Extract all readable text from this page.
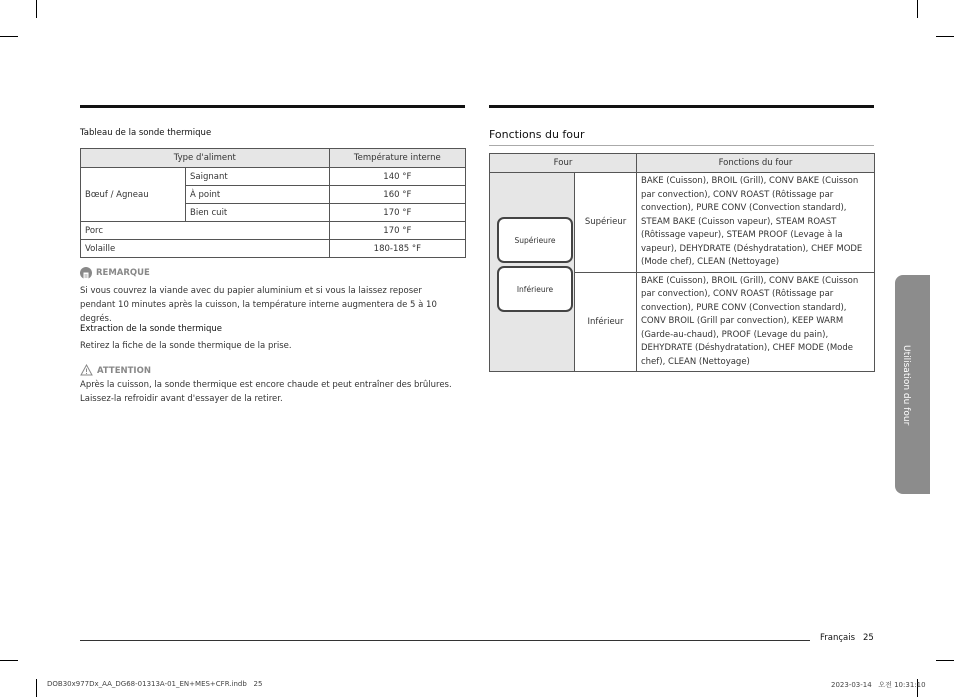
Tableau de la sonde thermique
Type d'aliment		Température interne
Bœuf / Agneau	Saignant	140 °F
	À point	160 °F
	Bien cuit	170 °F
Porc		170 °F
Volaille		180-185 °F
REMARQUE
Si vous couvrez la viande avec du papier aluminium et si vous la laissez reposer pendant 10 minutes après la cuisson, la température interne augmentera de 5 à 10 degrés.
Extraction de la sonde thermique
Retirez la fiche de la sonde thermique de la prise.
ATTENTION
Après la cuisson, la sonde thermique est encore chaude et peut entraîner des brûlures. Laissez-la refroidir avant d'essayer de la retirer.
Fonctions du four
Four		Fonctions du four
	Supérieur	BAKE (Cuisson), BROIL (Grill), CONV BAKE (Cuisson par convection), CONV ROAST (Rôtissage par convection), PURE CONV (Convection standard), STEAM BAKE (Cuisson vapeur), STEAM ROAST (Rôtissage vapeur), STEAM PROOF (Levage à la vapeur), DEHYDRATE (Déshydratation), CHEF MODE (Mode chef), CLEAN (Nettoyage)
	Inférieur	BAKE (Cuisson), BROIL (Grill), CONV BAKE (Cuisson par convection), CONV ROAST (Rôtissage par convection), PURE CONV (Convection standard), CONV BROIL (Grill par convection), KEEP WARM (Garde-au-chaud), PROOF (Levage du pain), DEHYDRATE (Déshydratation), CHEF MODE (Mode chef), CLEAN (Nettoyage)
Supérieure
Inférieure
Utilisation du four
Français 25
DOB30x977Dx_AA_DG68-01313A-01_EN+MES+CFR.indb   25	2023-03-14   오전 10:31:10
